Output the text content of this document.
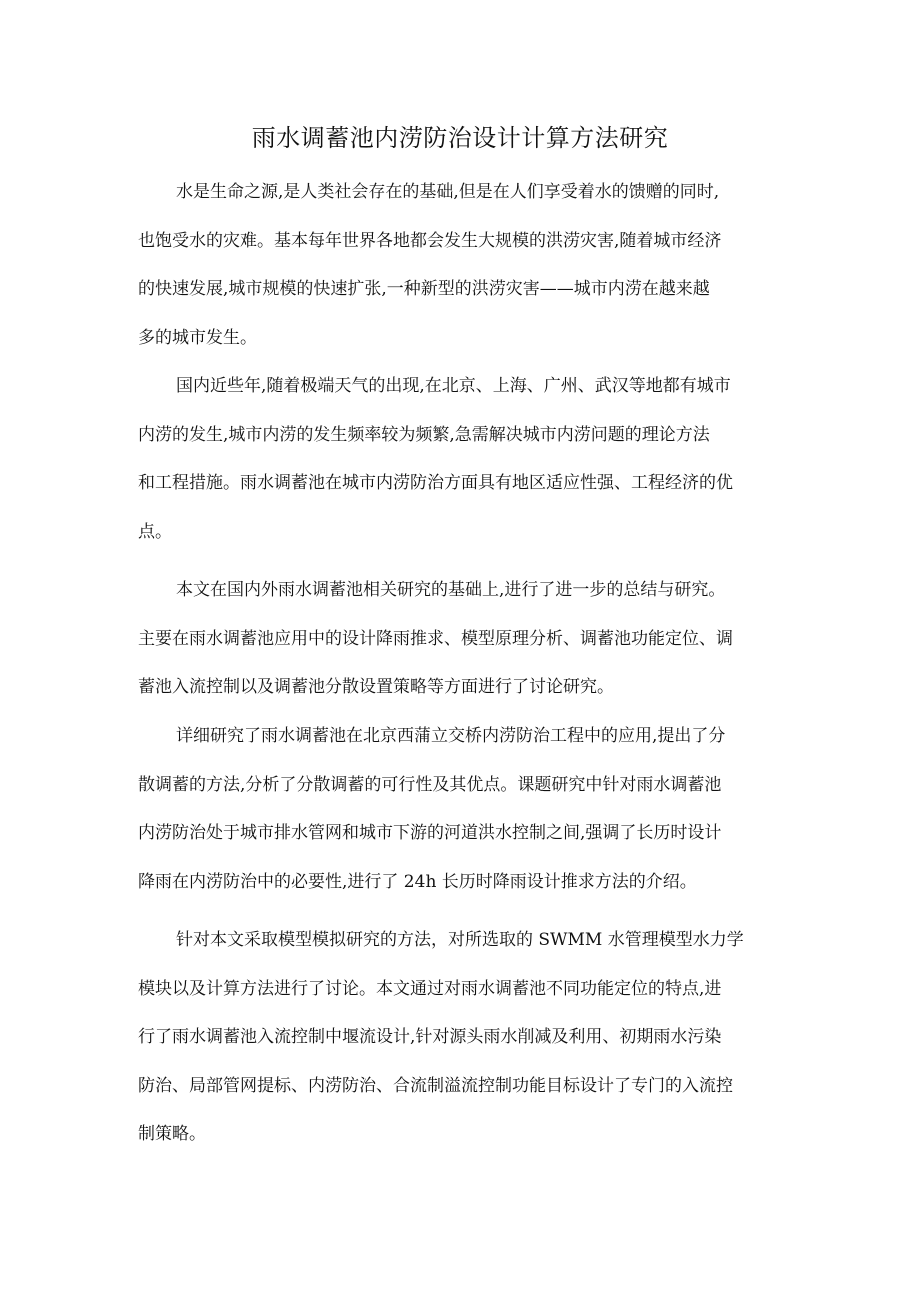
雨水调蓄池内涝防治设计计算方法研究
水是生命之源,是人类社会存在的基础,但是在人们享受着水的馈赠的同时,
也饱受水的灾难。基本每年世界各地都会发生大规模的洪涝灾害,随着城市经济
的快速发展,城市规模的快速扩张,一种新型的洪涝灾害——城市内涝在越来越
多的城市发生。
国内近些年,随着极端天气的出现,在北京、上海、广州、武汉等地都有城市
内涝的发生,城市内涝的发生频率较为频繁,急需解决城市内涝问题的理论方法
和工程措施。雨水调蓄池在城市内涝防治方面具有地区适应性强、工程经济的优
点。
本文在国内外雨水调蓄池相关研究的基础上,进行了进一步的总结与研究。
主要在雨水调蓄池应用中的设计降雨推求、模型原理分析、调蓄池功能定位、调
蓄池入流控制以及调蓄池分散设置策略等方面进行了讨论研究。
详细研究了雨水调蓄池在北京西蒲立交桥内涝防治工程中的应用,提出了分
散调蓄的方法,分析了分散调蓄的可行性及其优点。课题研究中针对雨水调蓄池
内涝防治处于城市排水管网和城市下游的河道洪水控制之间,强调了长历时设计
降雨在内涝防治中的必要性,进行了 24h 长历时降雨设计推求方法的介绍。
针对本文采取模型模拟研究的方法，对所选取的 SWMM 水管理模型水力学
模块以及计算方法进行了讨论。本文通过对雨水调蓄池不同功能定位的特点,进
行了雨水调蓄池入流控制中堰流设计,针对源头雨水削减及利用、初期雨水污染
防治、局部管网提标、内涝防治、合流制溢流控制功能目标设计了专门的入流控
制策略。
